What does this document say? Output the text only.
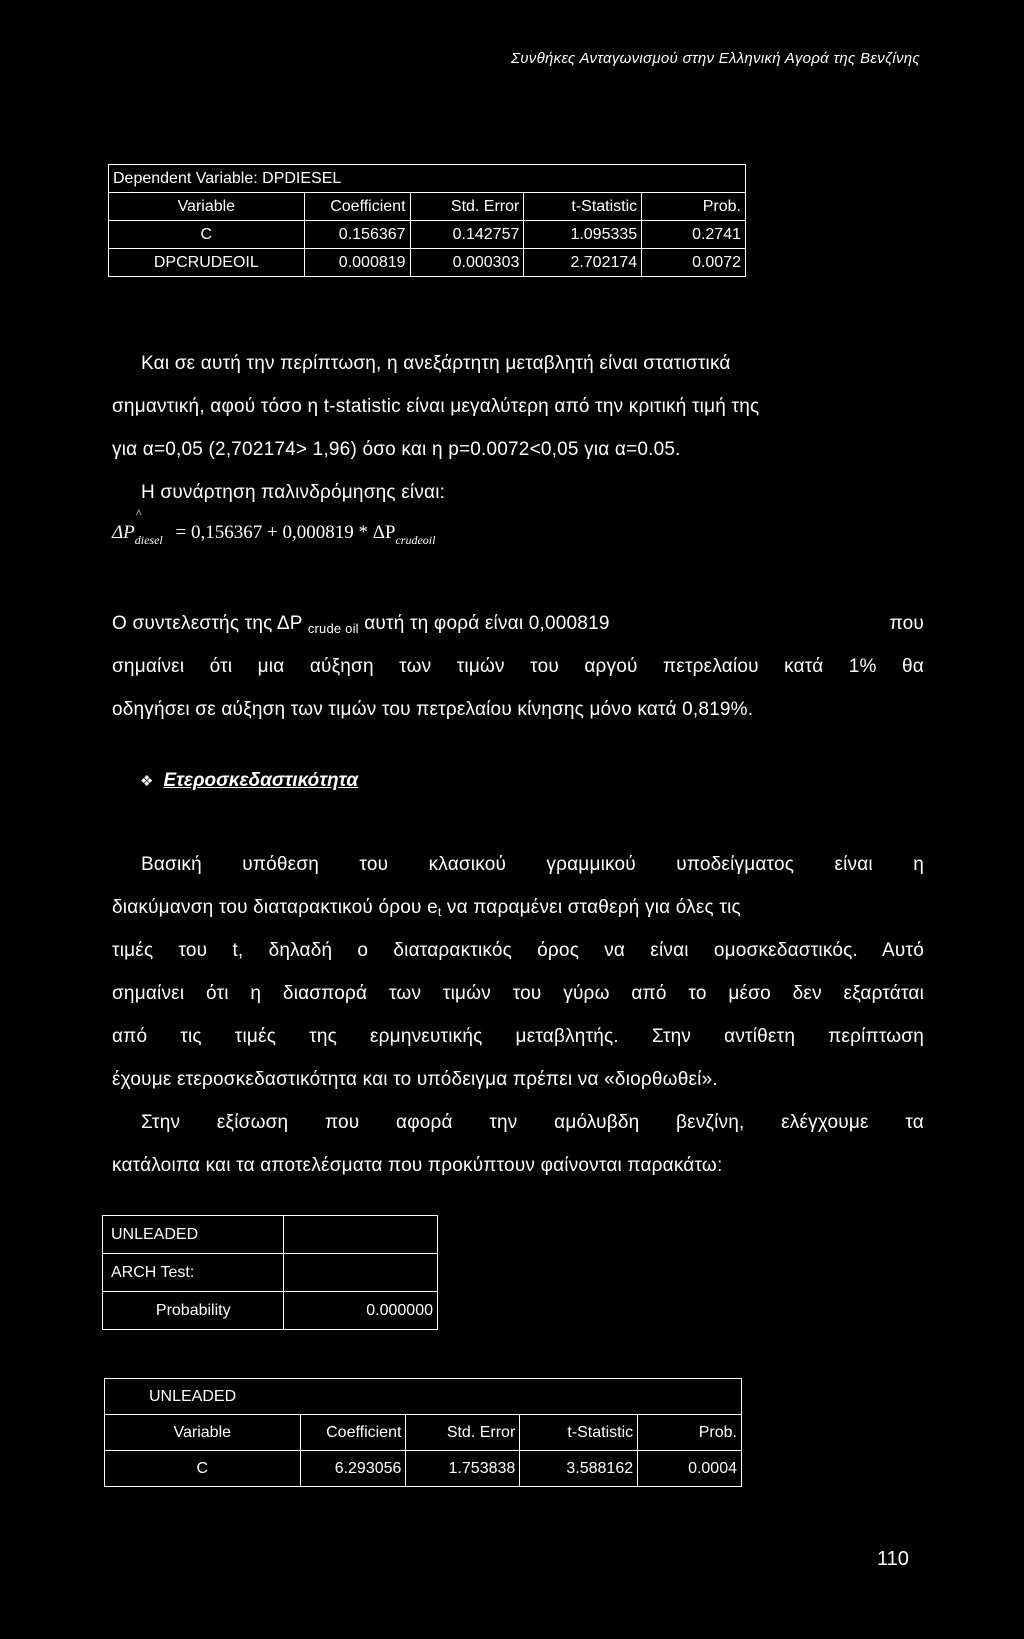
Συνθήκες Ανταγωνισμού στην Ελληνική Αγορά της Βενζίνης
Dependent Variable: DPDIESEL				
Variable	Coefficient	Std. Error	t-Statistic	Prob.
C	0.156367	0.142757	1.095335	0.2741
DPCRUDEOIL	0.000819	0.000303	2.702174	0.0072
Και σε αυτή την περίπτωση, η ανεξάρτητη μεταβλητή είναι στατιστικά
σημαντική, αφού τόσο η t-statistic είναι μεγαλύτερη από την κριτική τιμή της
για α=0,05 (2,702174> 1,96) όσο και η p=0.0072<0,05 για α=0.05.
Η συνάρτηση παλινδρόμησης είναι:
^
$\Delta P_{diesel} = 0,156367 + 0,000819 * \Delta P_{crudeoil}$
Ο συντελεστής της ΔP $_{crude oil}$ αυτή τη φορά είναι 0,000819	που
σημαίνει ότι μια αύξηση των τιμών του αργού πετρελαίου κατά 1% θα
οδηγήσει σε αύξηση των τιμών του πετρελαίου κίνησης μόνο κατά 0,819%.
❖ Ετεροσκεδαστικότητα
Βασική υπόθεση του κλασικού γραμμικού υποδείγματος είναι η
διακύμανση του διαταρακτικού όρου et να παραμένει σταθερή για όλες τις
τιμές του t, δηλαδή ο διαταρακτικός όρος να είναι ομοσκεδαστικός. Αυτό
σημαίνει ότι η διασπορά των τιμών του γύρω από το μέσο δεν εξαρτάται
από τις τιμές της ερμηνευτικής μεταβλητής. Στην αντίθετη περίπτωση
έχουμε ετεροσκεδαστικότητα και το υπόδειγμα πρέπει να «διορθωθεί».
Στην εξίσωση που αφορά την αμόλυβδη βενζίνη, ελέγχουμε τα
κατάλοιπα και τα αποτελέσματα που προκύπτουν φαίνονται παρακάτω:
UNLEADED	
ARCH Test:	
Probability	0.000000
UNLEADED				
Variable	Coefficient	Std. Error	t-Statistic	Prob.
C	6.293056	1.753838	3.588162	0.0004
110
